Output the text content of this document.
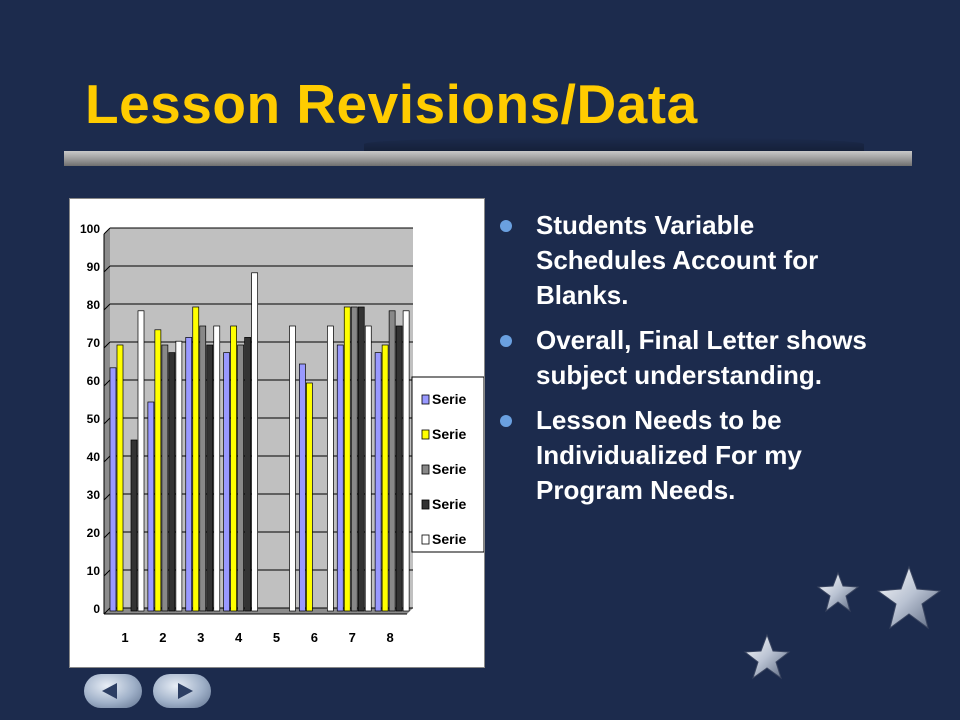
Lesson Revisions/Data
0
10
20
30
40
50
60
70
80
90
100
1 2 3 4 5 6 7 8
Serie
Serie
Serie
Serie
Serie
Students Variable Schedules Account for Blanks.
Overall, Final Letter shows subject understanding.
Lesson Needs to be Individualized For my Program Needs.
